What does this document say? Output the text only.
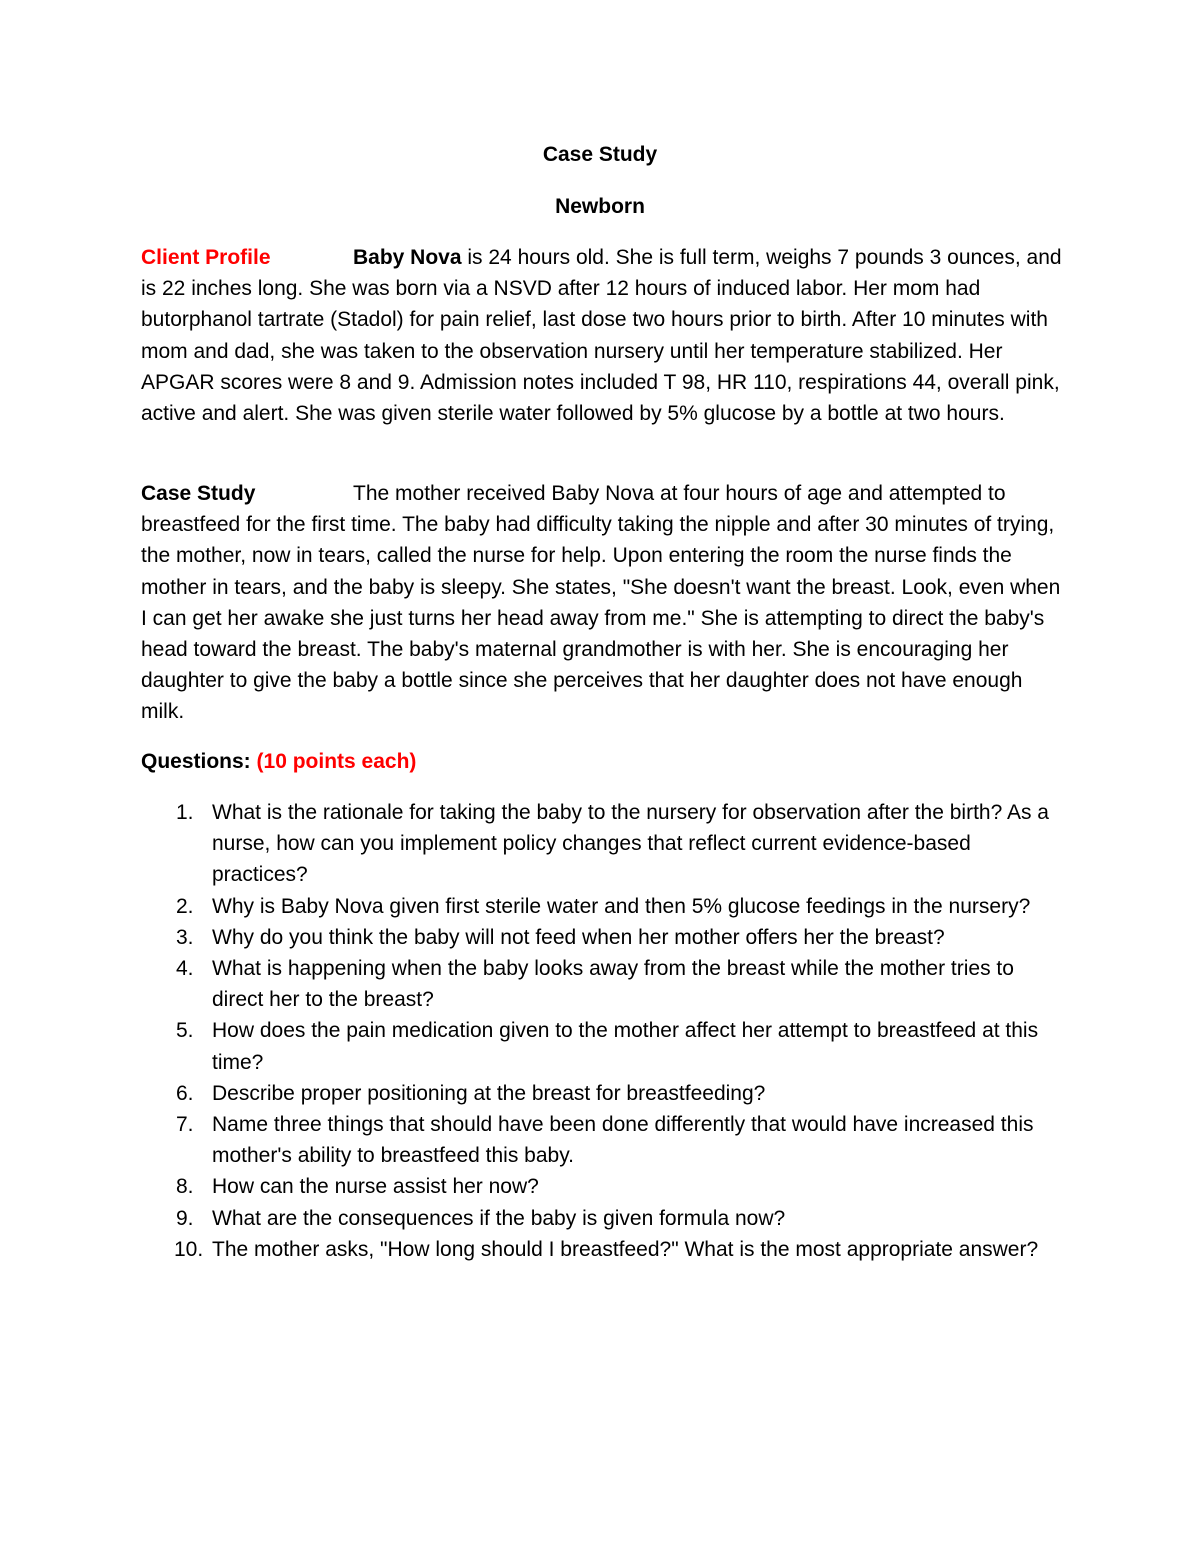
Case Study
Newborn
Client Profile	Baby Nova is 24 hours old. She is full term, weighs 7 pounds 3 ounces, and is 22 inches long. She was born via a NSVD after 12 hours of induced labor. Her mom had butorphanol tartrate (Stadol) for pain relief, last dose two hours prior to birth. After 10 minutes with mom and dad, she was taken to the observation nursery until her temperature stabilized. Her APGAR scores were 8 and 9. Admission notes included T 98, HR 110, respirations 44, overall pink, active and alert. She was given sterile water followed by 5% glucose by a bottle at two hours.
Case Study	The mother received Baby Nova at four hours of age and attempted to breastfeed for the first time. The baby had difficulty taking the nipple and after 30 minutes of trying, the mother, now in tears, called the nurse for help. Upon entering the room the nurse finds the mother in tears, and the baby is sleepy. She states, "She doesn't want the breast. Look, even when I can get her awake she just turns her head away from me." She is attempting to direct the baby's head toward the breast. The baby's maternal grandmother is with her. She is encouraging her daughter to give the baby a bottle since she perceives that her daughter does not have enough milk.
Questions: (10 points each)
1. What is the rationale for taking the baby to the nursery for observation after the birth? As a nurse, how can you implement policy changes that reflect current evidence-based practices?
2. Why is Baby Nova given first sterile water and then 5% glucose feedings in the nursery?
3. Why do you think the baby will not feed when her mother offers her the breast?
4. What is happening when the baby looks away from the breast while the mother tries to direct her to the breast?
5. How does the pain medication given to the mother affect her attempt to breastfeed at this time?
6. Describe proper positioning at the breast for breastfeeding?
7. Name three things that should have been done differently that would have increased this mother's ability to breastfeed this baby.
8. How can the nurse assist her now?
9. What are the consequences if the baby is given formula now?
10. The mother asks, "How long should I breastfeed?" What is the most appropriate answer?
